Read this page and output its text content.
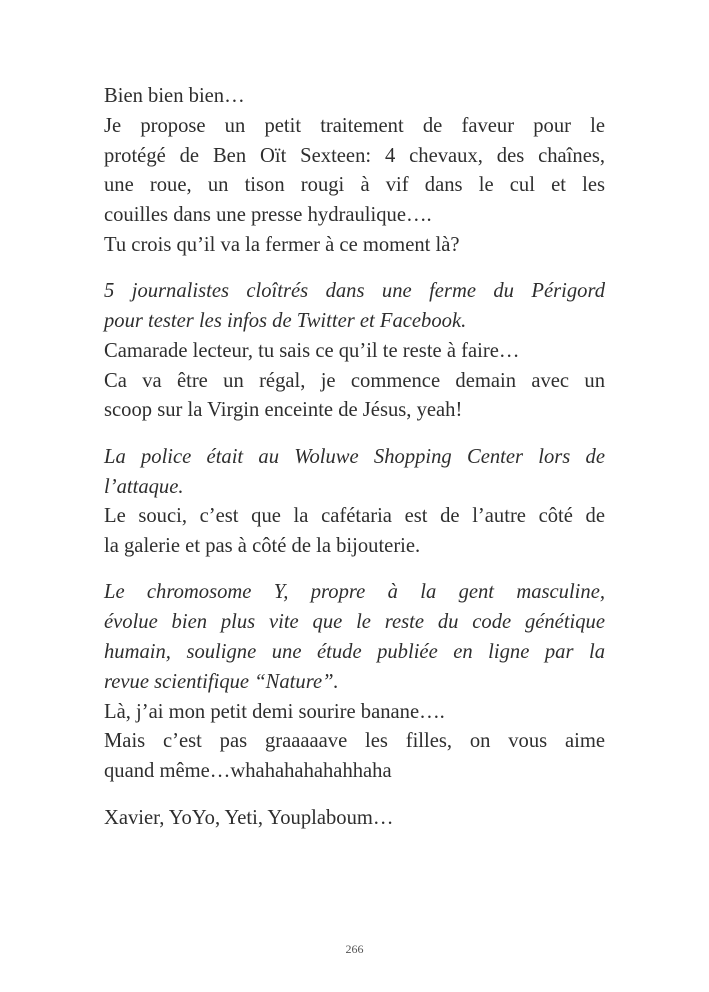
Bien bien bien…
Je propose un petit traitement de faveur pour le
protégé de Ben Oït Sexteen: 4 chevaux, des chaînes,
une roue, un tison rougi à vif dans le cul et les
couilles dans une presse hydraulique….
Tu crois qu’il va la fermer à ce moment là?
5 journalistes cloîtrés dans une ferme du Périgord
pour tester les infos de Twitter et Facebook.
Camarade lecteur, tu sais ce qu’il te reste à faire…
Ca va être un régal, je commence demain avec un
scoop sur la Virgin enceinte de Jésus, yeah!
La police était au Woluwe Shopping Center lors de
l’attaque.
Le souci, c’est que la cafétaria est de l’autre côté de
la galerie et pas à côté de la bijouterie.
Le chromosome Y, propre à la gent masculine,
évolue bien plus vite que le reste du code génétique
humain, souligne une étude publiée en ligne par la
revue scientifique “Nature”.
Là, j’ai mon petit demi sourire banane….
Mais c’est pas graaaaave les filles, on vous aime
quand même…whahahahahahhaha
Xavier, YoYo, Yeti, Youplaboum…
266
